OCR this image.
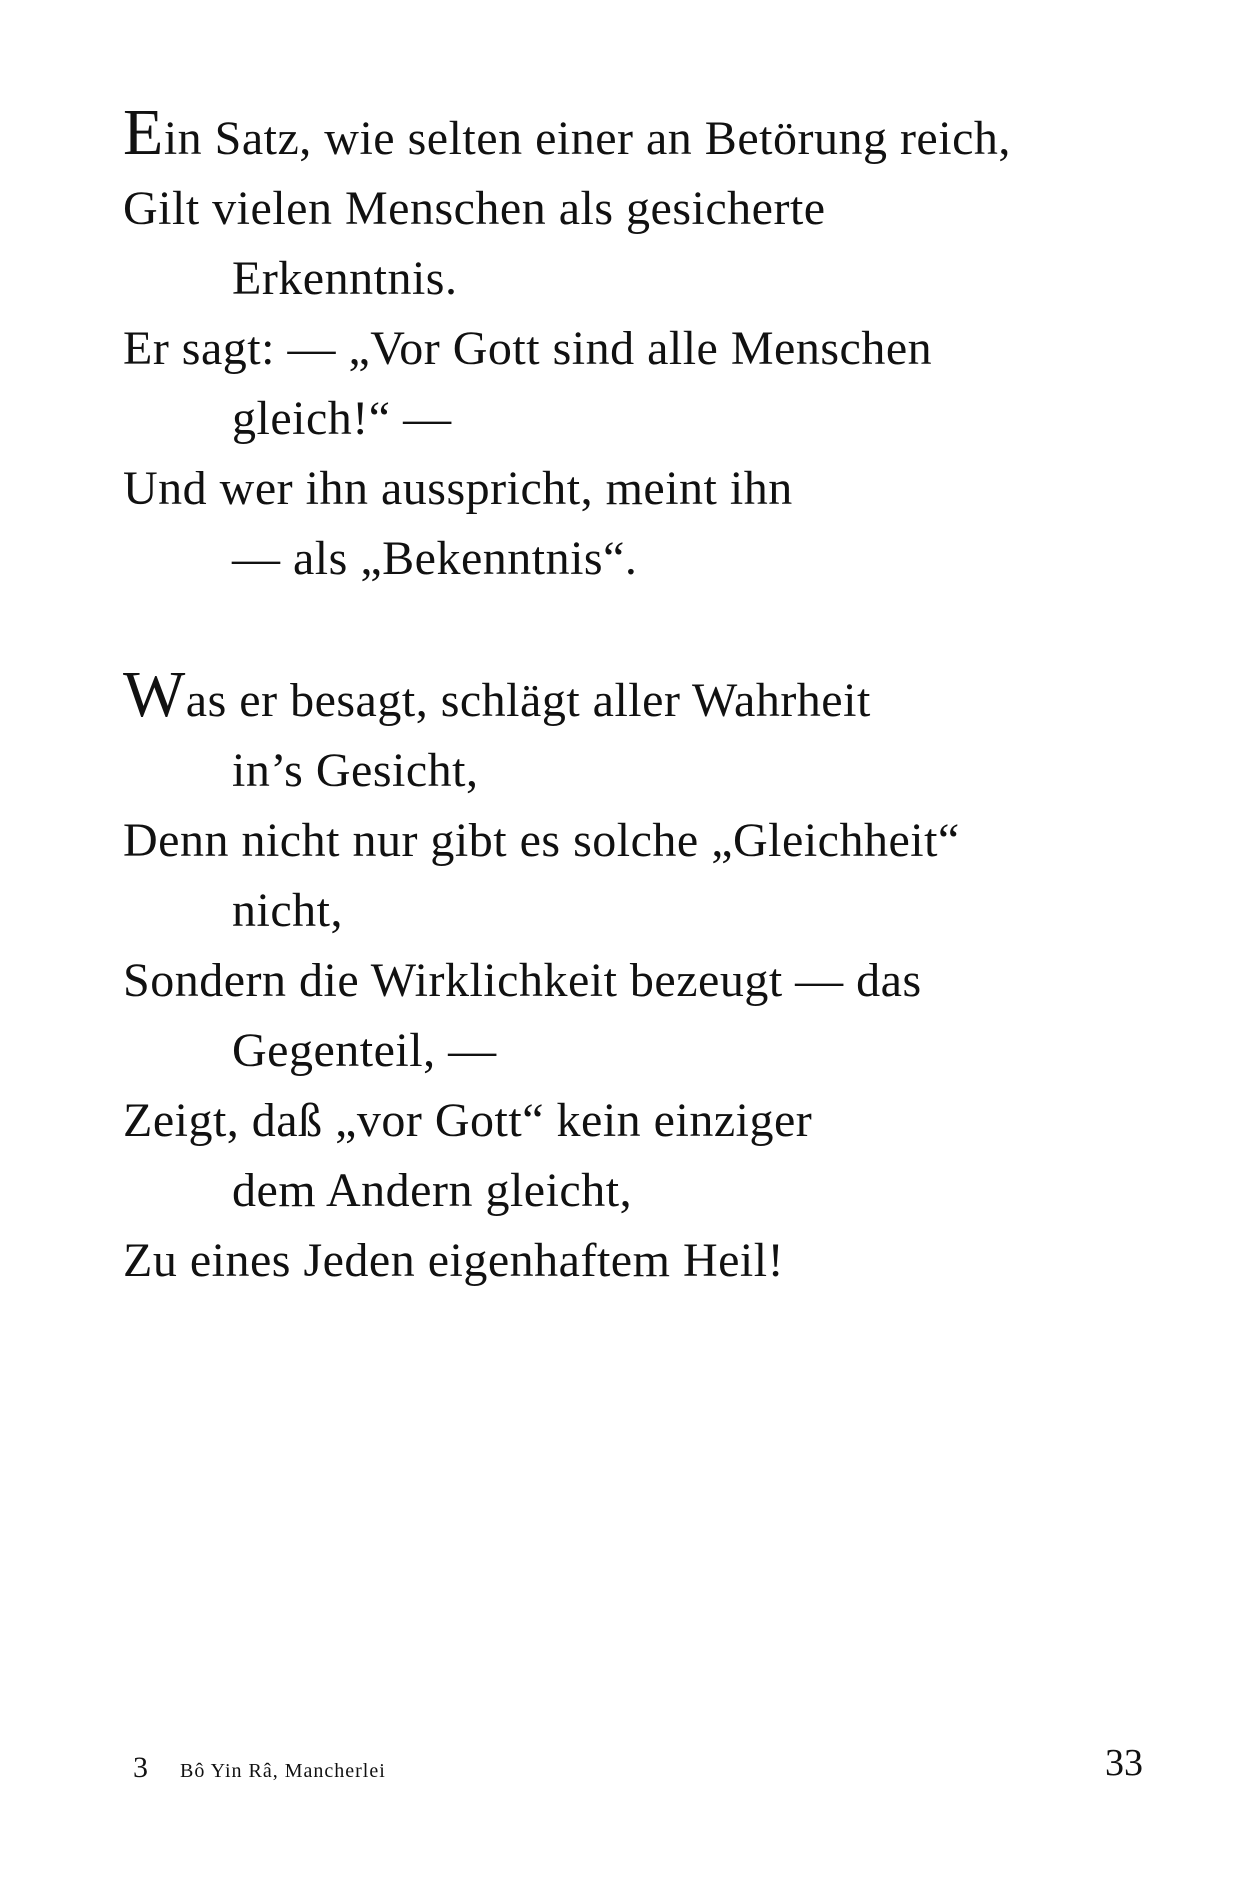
Ein Satz, wie selten einer an Betörung reich,
Gilt vielen Menschen als gesicherte
Erkenntnis.
Er sagt: — „Vor Gott sind alle Menschen
gleich!“ —
Und wer ihn ausspricht, meint ihn
— als „Bekenntnis“.
Was er besagt, schlägt aller Wahrheit
in’s Gesicht,
Denn nicht nur gibt es solche „Gleichheit“
nicht,
Sondern die Wirklichkeit bezeugt — das
Gegenteil, —
Zeigt, daß „vor Gott“ kein einziger
dem Andern gleicht,
Zu eines Jeden eigenhaftem Heil!
3 Bô Yin Râ, Mancherlei	33
